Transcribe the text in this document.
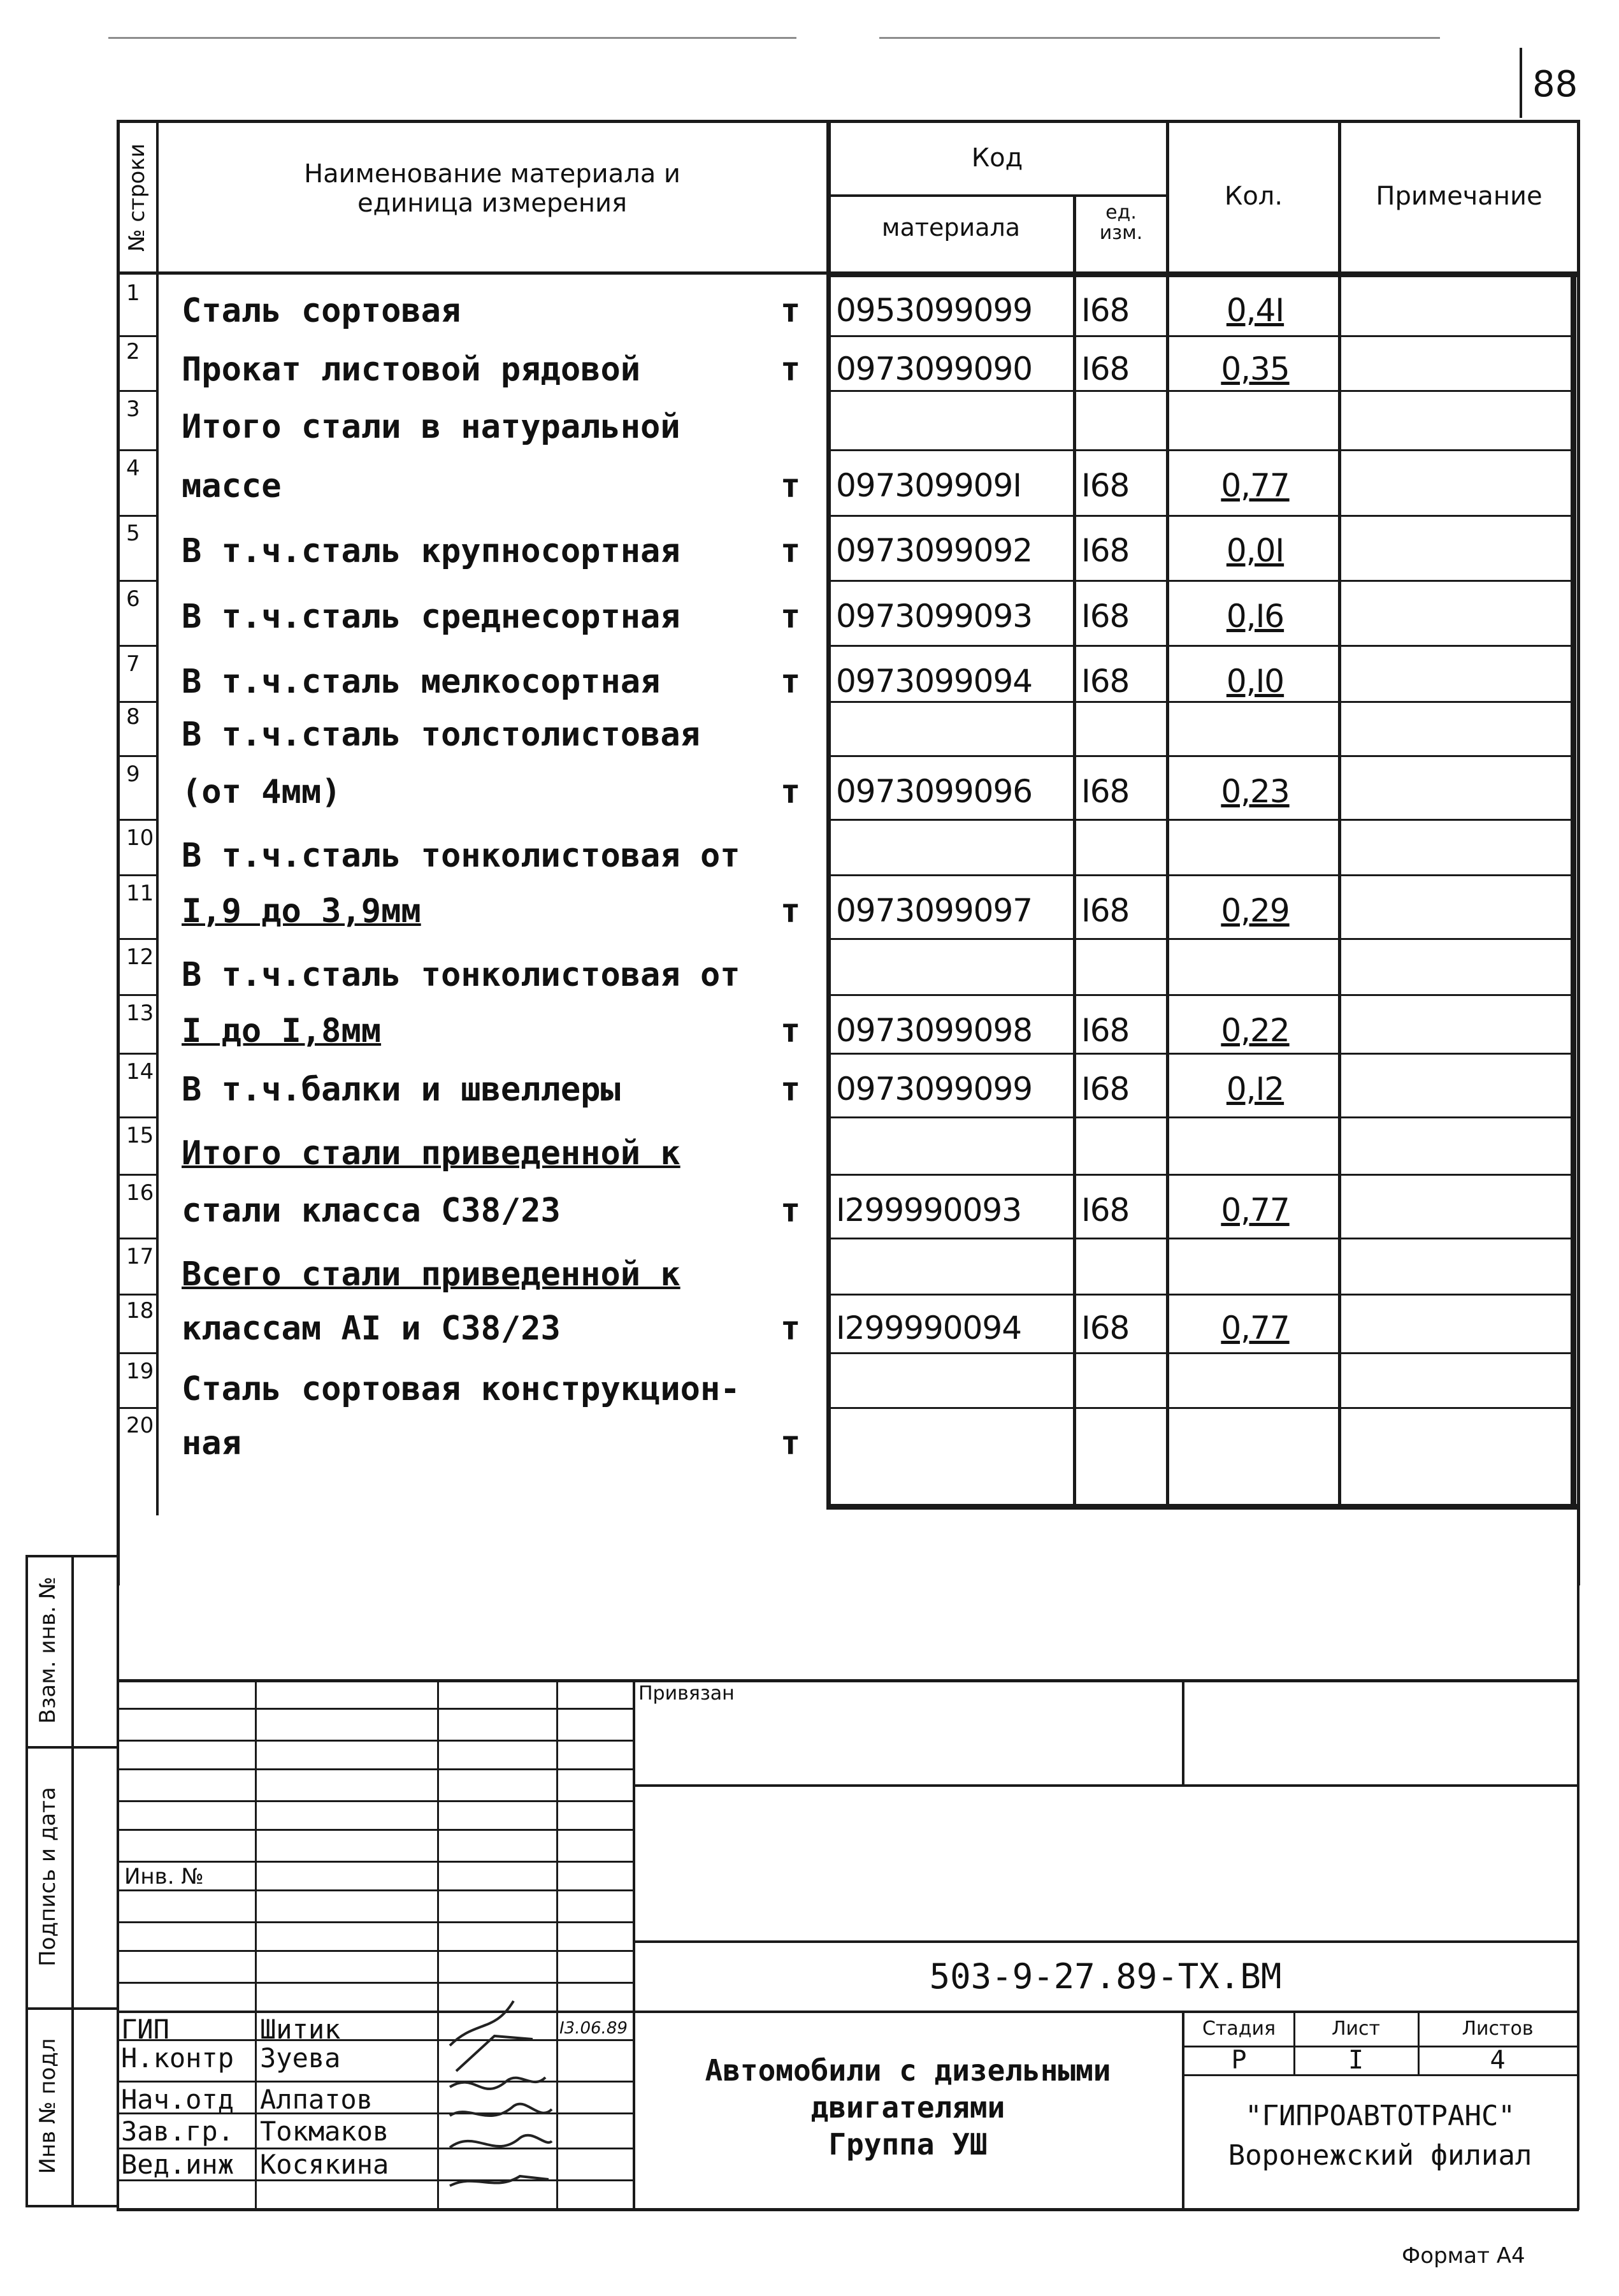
88
№ строки	Наименование материала и
единица измерения
Код
материала
ед.
изм.
Кол.	Примечание
1 Сталь сортовая	т 0953099099 I68	0,4I
2 Прокат листовой рядовой	т 0973099090 I68	0,35
3 Итого стали в натуральной
4 массе	т 097309909I I68	0,77
5 В т.ч.сталь крупносортная	т 0973099092 I68	0,0I
6 В т.ч.сталь среднесортная	т 0973099093 I68	0,I6
7 В т.ч.сталь мелкосортная	т 0973099094 I68	0,I0
8 В т.ч.сталь толстолистовая
9 (от 4мм)	т 0973099096 I68	0,23
10 В т.ч.сталь тонколистовая от
11 I,9 до 3,9мм	т 0973099097 I68	0,29
12 В т.ч.сталь тонколистовая от
13 I до I,8мм	т 0973099098 I68	0,22
14 В т.ч.балки и швеллеры	т 0973099099 I68	0,I2
15 Итого стали приведенной к
16 стали класса С38/23	т I299990093 I68	0,77
17 Всего стали приведенной к
18 классам АI и С38/23	т I299990094 I68	0,77
19 Сталь сортовая конструкцион-
20 ная	т
Взам. инв. №
Подпись и дата
Инв № подл
Привязан
Инв. №
503-9-27.89-ТХ.ВМ
Автомобили с дизельными
двигателями
Группа УШ
Стадия	Лист	Листов
Р	I	4
"ГИПРОАВТОТРАНС"
Воронежский филиал
I3.06.89
ГИП	Шитик
Н.контр Зуева
Нач.отд Алпатов
Зав.гр. Токмаков
Вед.инж Косякина
Формат А4
